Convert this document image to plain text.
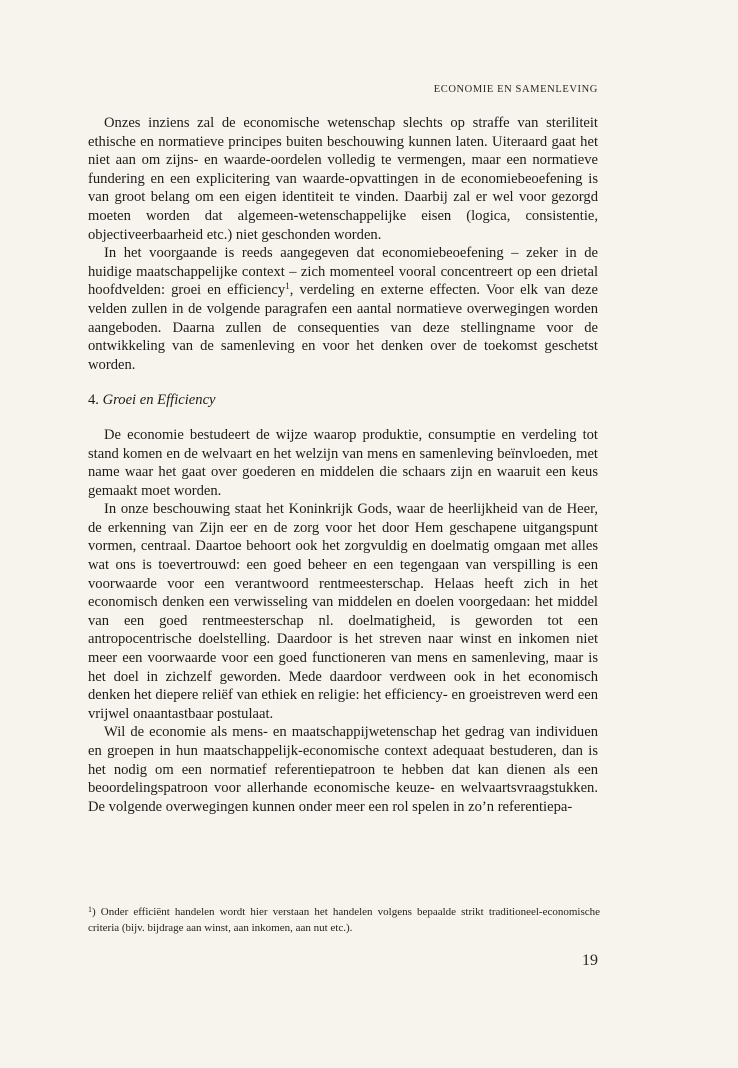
ECONOMIE EN SAMENLEVING

Onzes inziens zal de economische wetenschap slechts op straffe van steriliteit ethische en normatieve principes buiten beschouwing kunnen laten. Uiteraard gaat het niet aan om zijns- en waarde-oordelen volledig te vermengen, maar een normatieve fundering en een explicitering van waarde-opvattingen in de economiebeoefening is van groot belang om een eigen identiteit te vinden. Daarbij zal er wel voor gezorgd moeten worden dat algemeen-wetenschappelijke eisen (logica, consistentie, objectiveerbaarheid etc.) niet geschonden worden.

In het voorgaande is reeds aangegeven dat economiebeoefening – zeker in de huidige maatschappelijke context – zich momenteel vooral concentreert op een drietal hoofdvelden: groei en efficiency$^1$, verdeling en externe effecten. Voor elk van deze velden zullen in de volgende paragrafen een aantal normatieve overwegingen worden aangeboden. Daarna zullen de consequenties van deze stellingname voor de ontwikkeling van de samenleving en voor het denken over de toekomst geschetst worden.

4. Groei en Efficiency

De economie bestudeert de wijze waarop produktie, consumptie en verdeling tot stand komen en de welvaart en het welzijn van mens en samenleving beïnvloeden, met name waar het gaat over goederen en middelen die schaars zijn en waaruit een keus gemaakt moet worden.

In onze beschouwing staat het Koninkrijk Gods, waar de heerlijkheid van de Heer, de erkenning van Zijn eer en de zorg voor het door Hem geschapene uitgangspunt vormen, centraal. Daartoe behoort ook het zorgvuldig en doelmatig omgaan met alles wat ons is toevertrouwd: een goed beheer en een tegengaan van verspilling is een voorwaarde voor een verantwoord rentmeesterschap. Helaas heeft zich in het economisch denken een verwisseling van middelen en doelen voorgedaan: het middel van een goed rentmeesterschap nl. doelmatigheid, is geworden tot een antropocentrische doelstelling. Daardoor is het streven naar winst en inkomen niet meer een voorwaarde voor een goed functioneren van mens en samenleving, maar is het doel in zichzelf geworden. Mede daardoor verdween ook in het economisch denken het diepere reliëf van ethiek en religie: het efficiency- en groeistreven werd een vrijwel onaantastbaar postulaat.

Wil de economie als mens- en maatschappijwetenschap het gedrag van individuen en groepen in hun maatschappelijk-economische context adequaat bestuderen, dan is het nodig om een normatief referentiepatroon te hebben dat kan dienen als een beoordelingspatroon voor allerhande economische keuze- en welvaartsvraagstukken. De volgende overwegingen kunnen onder meer een rol spelen in zo’n referentiepa-

$^1$) Onder efficiënt handelen wordt hier verstaan het handelen volgens bepaalde strikt traditioneel-economische criteria (bijv. bijdrage aan winst, aan inkomen, aan nut etc.).
19
